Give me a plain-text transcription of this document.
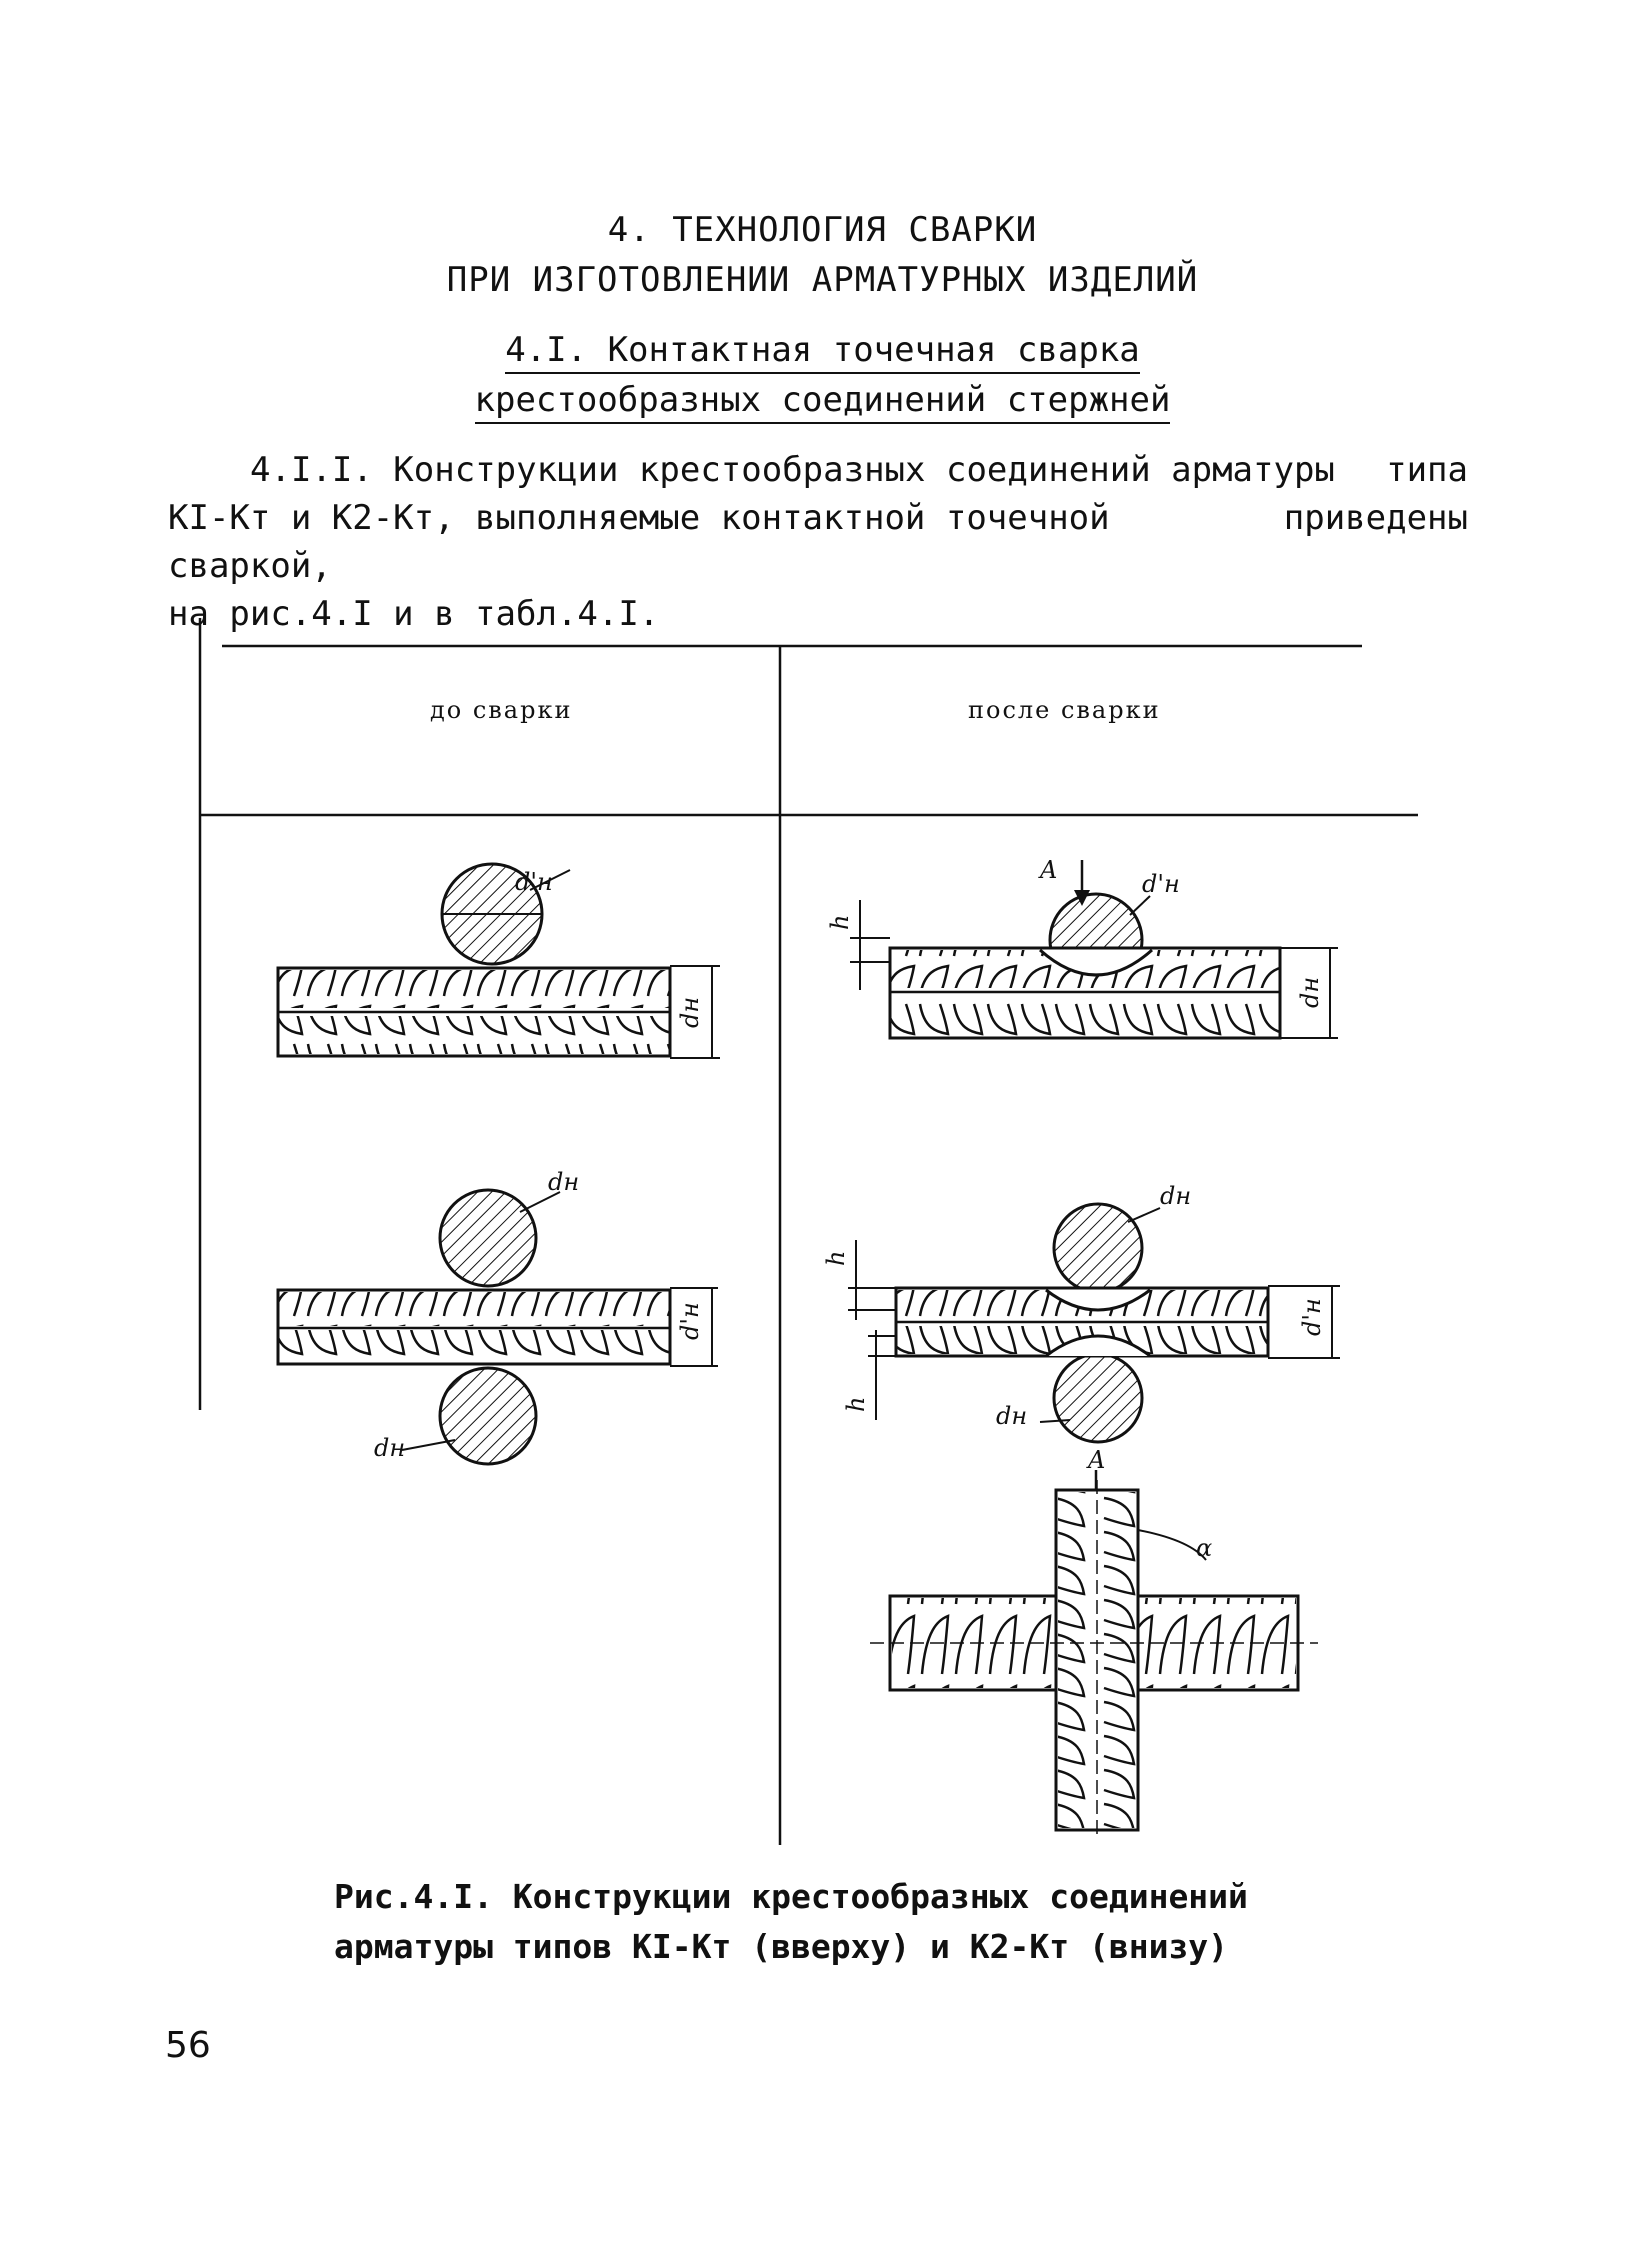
4. ТЕХНОЛОГИЯ СВАРКИ
ПРИ ИЗГОТОВЛЕНИИ АРМАТУРНЫХ ИЗДЕЛИЙ
4.I. Контактная точечная сварка
крестообразных соединений стержней
4.I.I. Конструкции крестообразных соединений арматуры типа
КI-Кт и К2-Кт, выполняемые контактной точечной сваркой,
приведены
на рис.4.I и в табл.4.I.
d'н
dн
dн
d'н
dн
A	d'н
h
dн
dн
h
d'н
h	dн
A
α
до сварки	после сварки
Рис.4.I. Конструкции крестообразных соединений
арматуры типов КI-Кт (вверху) и К2-Кт (внизу)
56
